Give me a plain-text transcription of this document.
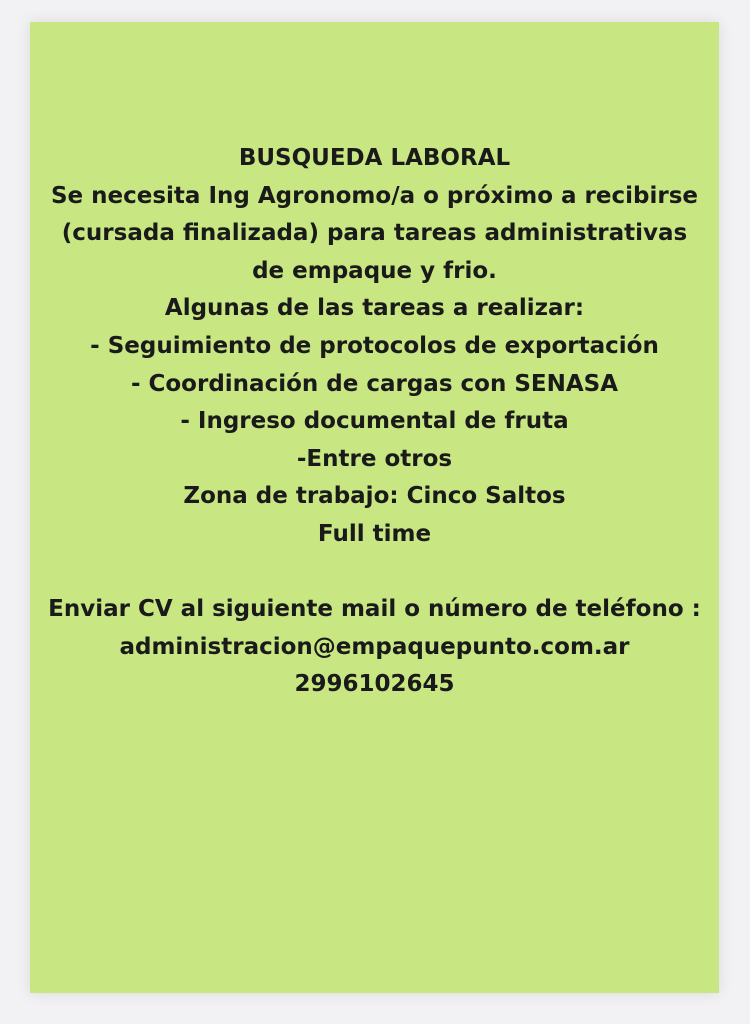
BUSQUEDA LABORAL
Se necesita Ing Agronomo/a o próximo a recibirse
(cursada finalizada) para tareas administrativas
de empaque y frio.
Algunas de las tareas a realizar:
- Seguimiento de protocolos de exportación
- Coordinación de cargas con SENASA
- Ingreso documental de fruta
-Entre otros
Zona de trabajo: Cinco Saltos
Full time
Enviar CV al siguiente mail o número de teléfono :
administracion@empaquepunto.com.ar
2996102645
